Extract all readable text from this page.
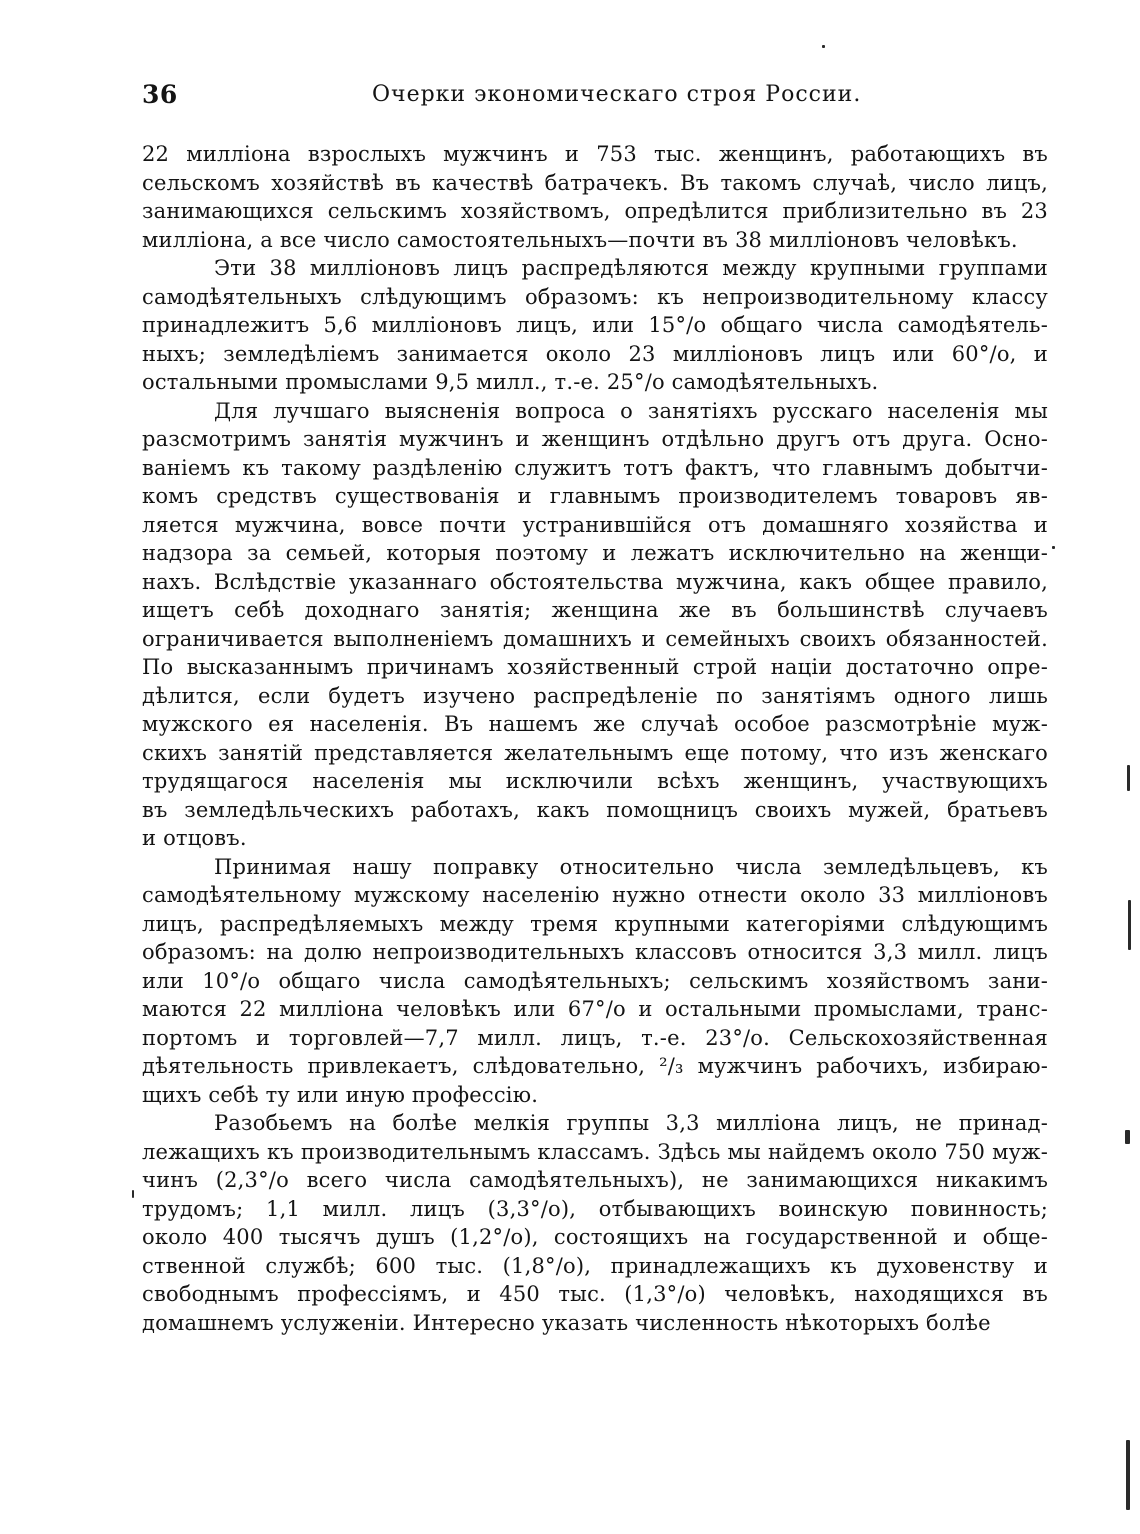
36	Очерки экономическаго строя России.
22 милліона взрослыхъ мужчинъ и 753 тыс. женщинъ, работающихъ въ
сельскомъ хозяйствѣ въ качествѣ батрачекъ. Въ такомъ случаѣ, число лицъ,
занимающихся сельскимъ хозяйствомъ, опредѣлится приблизительно въ 23
милліона, а все число самостоятельныхъ—почти въ 38 милліоновъ человѣкъ.
Эти 38 милліоновъ лицъ распредѣляются между крупными группами
самодѣятельныхъ слѣдующимъ образомъ: къ непроизводительному классу
принадлежитъ 5,6 милліоновъ лицъ, или 15°/о общаго числа самодѣятель-
ныхъ; земледѣліемъ занимается около 23 милліоновъ лицъ или 60°/о, и
остальными промыслами 9,5 милл., т.-е. 25°/о самодѣятельныхъ.
Для лучшаго выясненія вопроса о занятіяхъ русскаго населенія мы
разсмотримъ занятія мужчинъ и женщинъ отдѣльно другъ отъ друга. Осно-
ваніемъ къ такому раздѣленію служитъ тотъ фактъ, что главнымъ добытчи-
комъ средствъ существованія и главнымъ производителемъ товаровъ яв-
ляется мужчина, вовсе почти устранившійся отъ домашняго хозяйства и
надзора за семьей, которыя поэтому и лежатъ исключительно на женщи-
нахъ. Вслѣдствіе указаннаго обстоятельства мужчина, какъ общее правило,
ищетъ себѣ доходнаго занятія; женщина же въ большинствѣ случаевъ
ограничивается выполненіемъ домашнихъ и семейныхъ своихъ обязанностей.
По высказаннымъ причинамъ хозяйственный строй націи достаточно опре-
дѣлится, если будетъ изучено распредѣленіе по занятіямъ одного лишь
мужского ея населенія. Въ нашемъ же случаѣ особое разсмотрѣніе муж-
скихъ занятій представляется желательнымъ еще потому, что изъ женскаго
трудящагося населенія мы исключили всѣхъ женщинъ, участвующихъ
въ земледѣльческихъ работахъ, какъ помощницъ своихъ мужей, братьевъ
и отцовъ.
Принимая нашу поправку относительно числа земледѣльцевъ, къ
самодѣятельному мужскому населенію нужно отнести около 33 милліоновъ
лицъ, распредѣляемыхъ между тремя крупными категоріями слѣдующимъ
образомъ: на долю непроизводительныхъ классовъ относится 3,3 милл. лицъ
или 10°/о общаго числа самодѣятельныхъ; сельскимъ хозяйствомъ зани-
маются 22 милліона человѣкъ или 67°/о и остальными промыслами, транс-
портомъ и торговлей—7,7 милл. лицъ, т.-е. 23°/о. Сельскохозяйственная
дѣятельность привлекаетъ, слѣдовательно, ²/₃ мужчинъ рабочихъ, избираю-
щихъ себѣ ту или иную профессію.
Разобьемъ на болѣе мелкія группы 3,3 милліона лицъ, не принад-
лежащихъ къ производительнымъ классамъ. Здѣсь мы найдемъ около 750 муж-
чинъ (2,3°/о всего числа самодѣятельныхъ), не занимающихся никакимъ
трудомъ; 1,1 милл. лицъ (3,3°/о), отбывающихъ воинскую повинность;
около 400 тысячъ душъ (1,2°/о), состоящихъ на государственной и обще-
ственной службѣ; 600 тыс. (1,8°/о), принадлежащихъ къ духовенству и
свободнымъ профессіямъ, и 450 тыс. (1,3°/о) человѣкъ, находящихся въ
домашнемъ услуженіи. Интересно указать численность нѣкоторыхъ болѣе
